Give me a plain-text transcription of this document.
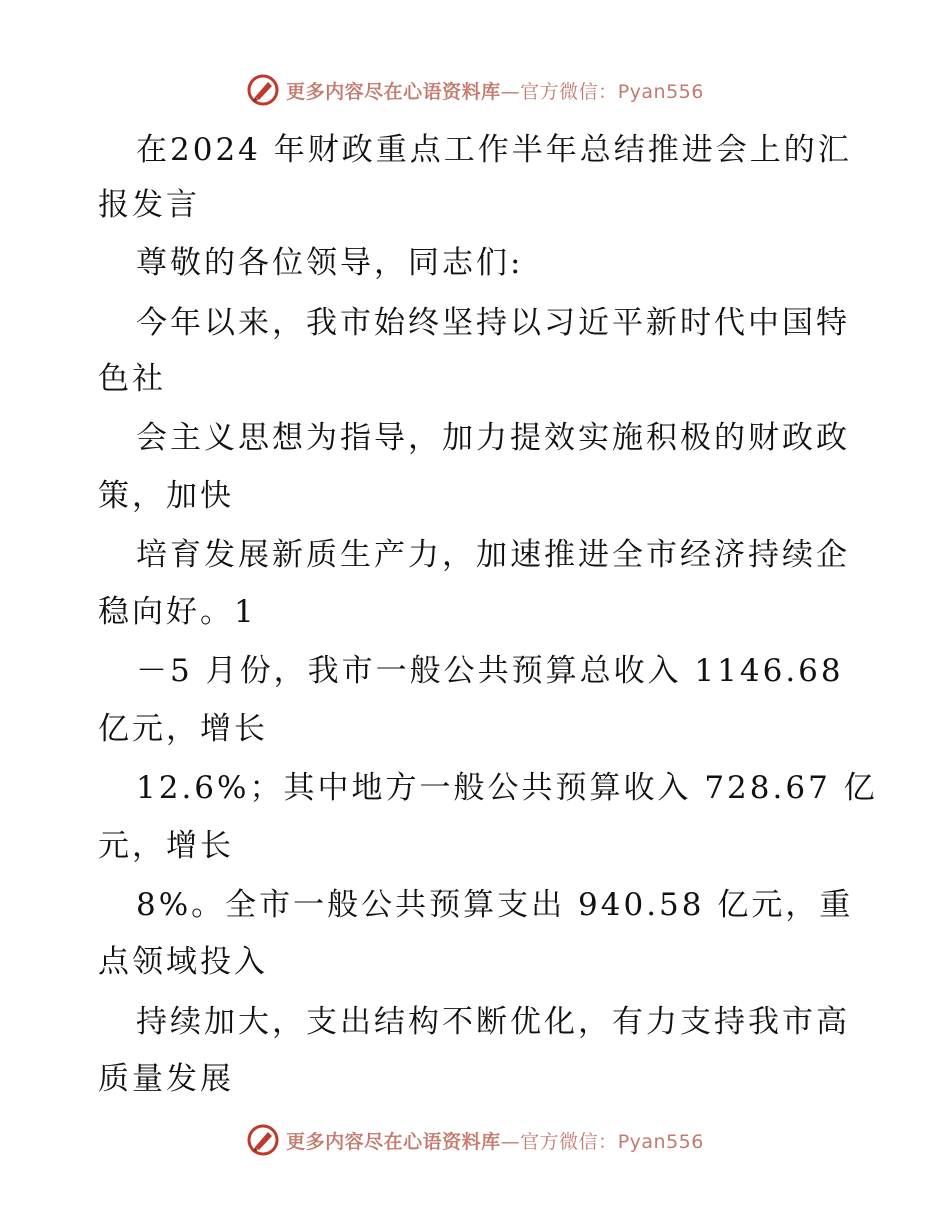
更多内容尽在心语资料库—官方微信：Pyan556
在2024 年财政重点工作半年总结推进会上的汇
报发言
尊敬的各位领导，同志们:
今年以来，我市始终坚持以习近平新时代中国特
色社
会主义思想为指导，加力提效实施积极的财政政
策，加快
培育发展新质生产力，加速推进全市经济持续企
稳向好。1
－5 月份，我市一般公共预算总收入 1146.68
亿元，增长
12.6%；其中地方一般公共预算收入 728.67 亿
元，增长
8%。全市一般公共预算支出 940.58 亿元，重
点领域投入
持续加大，支出结构不断优化，有力支持我市高
质量发展
更多内容尽在心语资料库—官方微信：Pyan556
